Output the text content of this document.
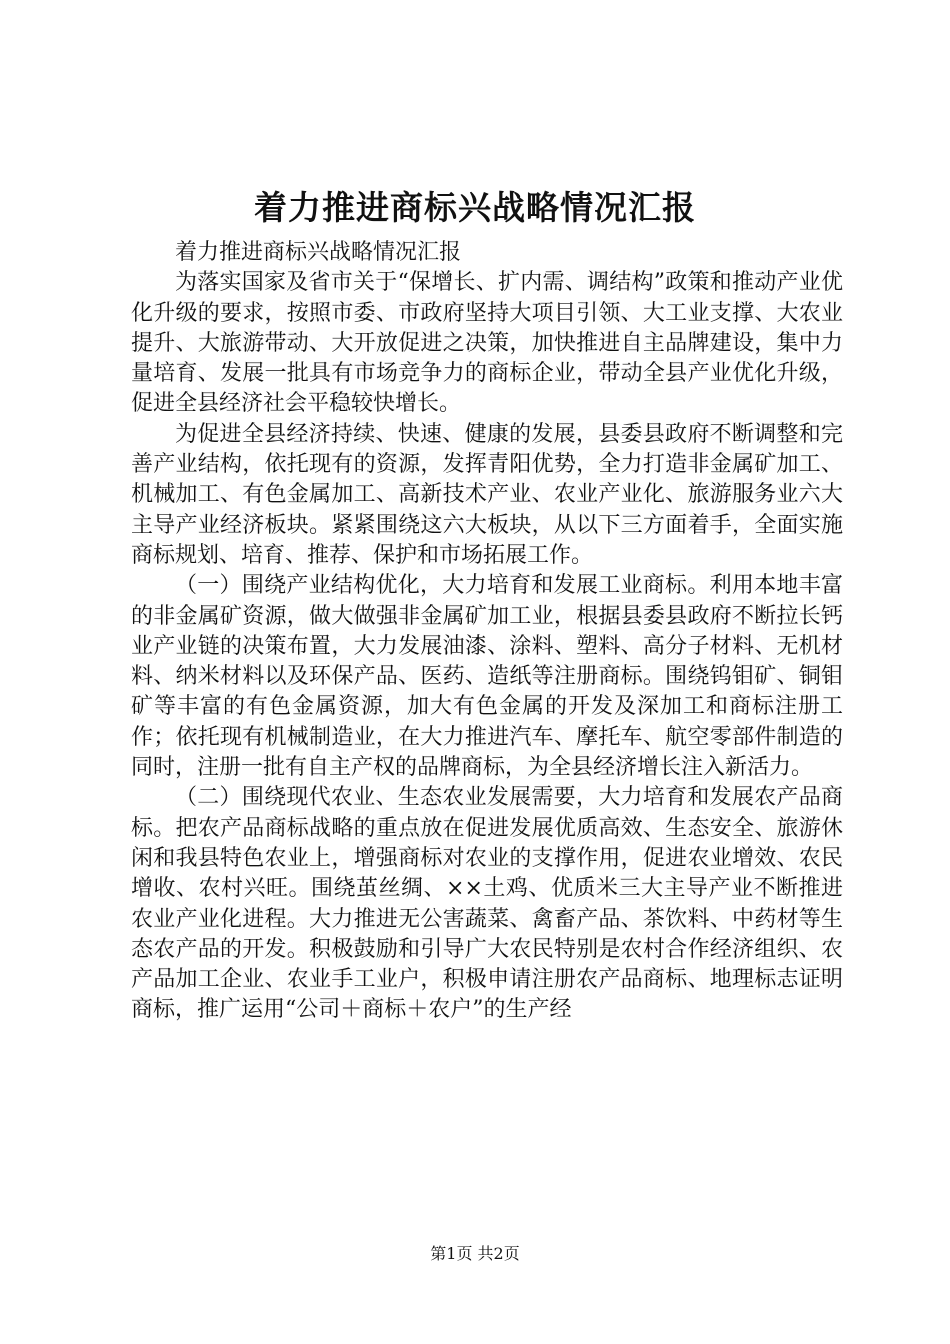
着力推进商标兴战略情况汇报

着力推进商标兴战略情况汇报

为落实国家及省市关于“保增长、扩内需、调结构”政策和推动产业优化升级的要求，按照市委、市政府坚持大项目引领、大工业支撑、大农业提升、大旅游带动、大开放促进之决策，加快推进自主品牌建设，集中力量培育、发展一批具有市场竞争力的商标企业，带动全县产业优化升级，促进全县经济社会平稳较快增长。

为促进全县经济持续、快速、健康的发展，县委县政府不断调整和完善产业结构，依托现有的资源，发挥青阳优势，全力打造非金属矿加工、机械加工、有色金属加工、高新技术产业、农业产业化、旅游服务业六大主导产业经济板块。紧紧围绕这六大板块，从以下三方面着手，全面实施商标规划、培育、推荐、保护和市场拓展工作。

（一）围绕产业结构优化，大力培育和发展工业商标。利用本地丰富的非金属矿资源，做大做强非金属矿加工业，根据县委县政府不断拉长钙业产业链的决策布置，大力发展油漆、涂料、塑料、高分子材料、无机材料、纳米材料以及环保产品、医药、造纸等注册商标。围绕钨钼矿、铜钼矿等丰富的有色金属资源，加大有色金属的开发及深加工和商标注册工作；依托现有机械制造业，在大力推进汽车、摩托车、航空零部件制造的同时，注册一批有自主产权的品牌商标，为全县经济增长注入新活力。

（二）围绕现代农业、生态农业发展需要，大力培育和发展农产品商标。把农产品商标战略的重点放在促进发展优质高效、生态安全、旅游休闲和我县特色农业上，增强商标对农业的支撑作用，促进农业增效、农民增收、农村兴旺。围绕茧丝绸、××土鸡、优质米三大主导产业不断推进农业产业化进程。大力推进无公害蔬菜、禽畜产品、茶饮料、中药材等生态农产品的开发。积极鼓励和引导广大农民特别是农村合作经济组织、农产品加工企业、农业手工业户，积极申请注册农产品商标、地理标志证明商标，推广运用“公司＋商标＋农户”的生产经

第1页 共2页
